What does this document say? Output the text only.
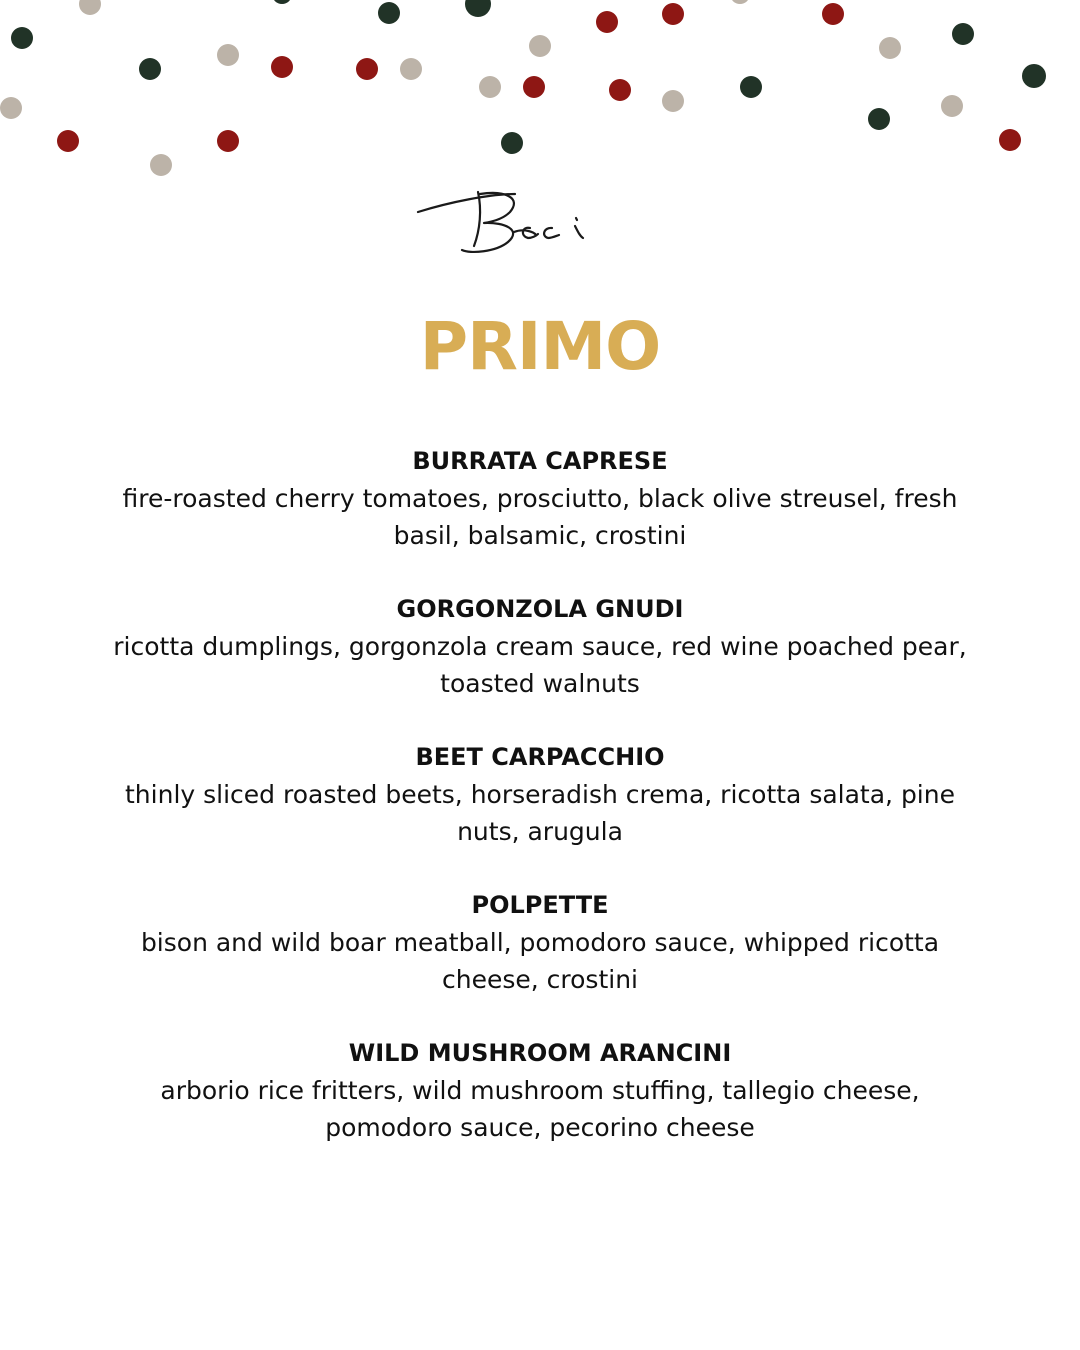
PRIMO
BURRATA CAPRESE
fire-roasted cherry tomatoes, prosciutto, black olive streusel, fresh basil, balsamic, crostini
GORGONZOLA GNUDI
ricotta dumplings, gorgonzola cream sauce, red wine poached pear, toasted walnuts
BEET CARPACCHIO
thinly sliced roasted beets, horseradish crema, ricotta salata, pine nuts, arugula
POLPETTE
bison and wild boar meatball, pomodoro sauce, whipped ricotta cheese, crostini
WILD MUSHROOM ARANCINI
arborio rice fritters, wild mushroom stuffing, tallegio cheese, pomodoro sauce, pecorino cheese
